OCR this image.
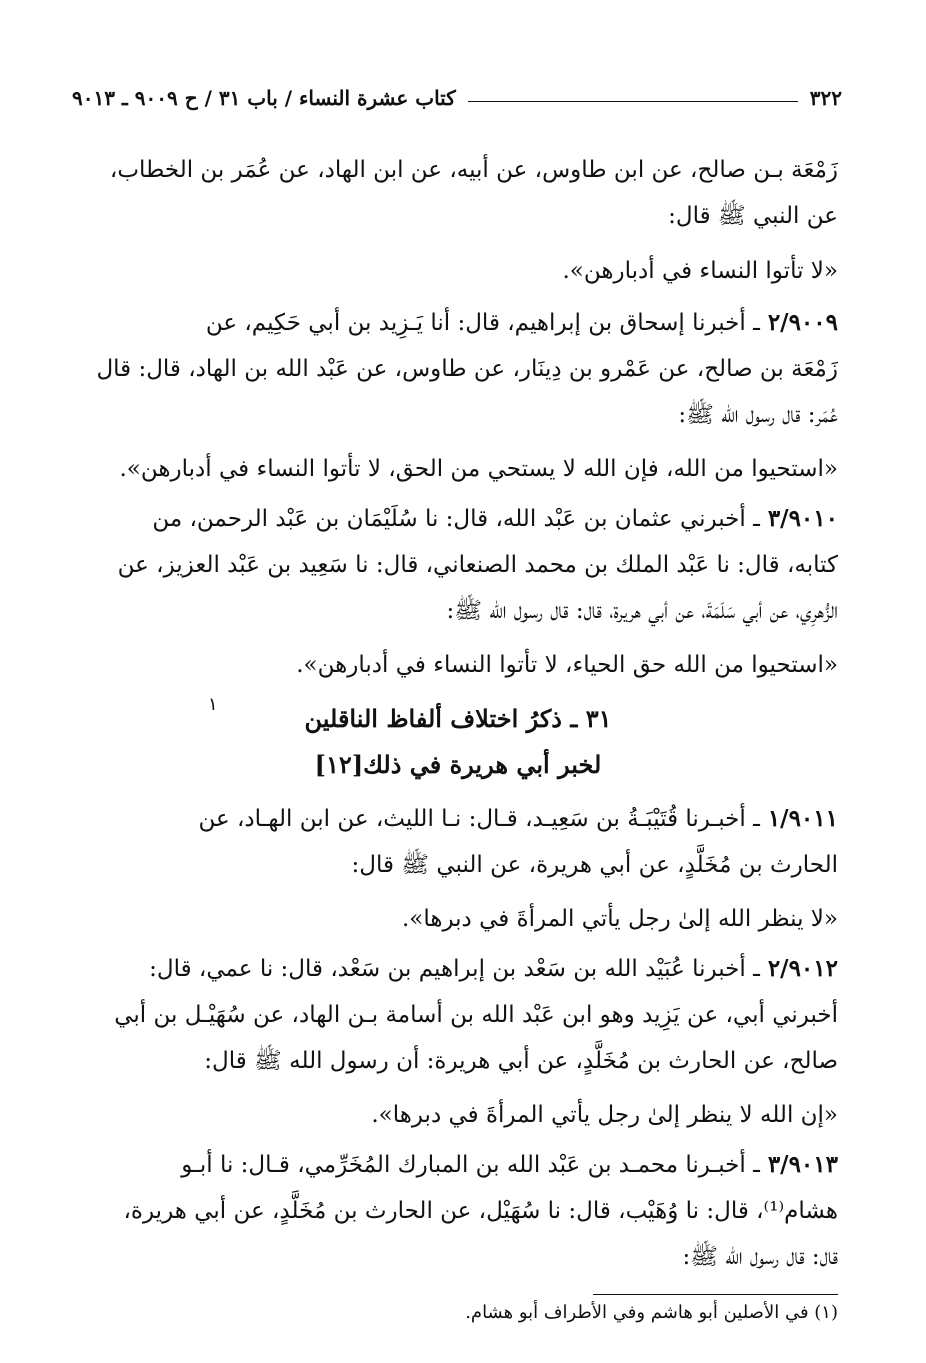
٣٢٢
كتاب عشرة النساء / باب ٣١ / ح ٩٠٠٩ ـ ٩٠١٣
زَمْعَة بـن صالح، عن ابن طاوس، عن أبيه، عن ابن الهاد، عن عُمَر بن الخطاب،
عن النبي ﷺ قال:
«لا تأتوا النساء في أدبارهن».
٢/٩٠٠٩
ـ أخبرنا إسحاق بن إبراهيم، قال: أنا يَـزِيد بن أبي حَكِيم، عن
زَمْعَة بن صالح، عن عَمْرو بن دِينَار، عن طاوس، عن عَبْد الله بن الهاد، قال: قال
عُمَر: قال رسول الله ﷺ:
«استحيوا من الله، فإن الله لا يستحي من الحق، لا تأتوا النساء في أدبارهن».
٣/٩٠١٠
ـ أخبرني عثمان بن عَبْد الله، قال: نا سُلَيْمَان بن عَبْد الرحمن، من
كتابه، قال: نا عَبْد الملك بن محمد الصنعاني، قال: نا سَعِيد بن عَبْد العزيز، عن
الزُّهرِي، عن أبي سَلَمَةَ، عن أبي هريرة، قال: قال رسول الله ﷺ:
«استحيوا من الله حق الحياء، لا تأتوا النساء في أدبارهن».
٣١ ـ ذكرُ اختلاف ألفاظ الناقلين
لخبر أبي هريرة في ذلك[١٢]
١
١/٩٠١١
ـ أخبـرنا قُتَيْبَـةُ بن سَعِيـد، قـال: نـا الليث، عن ابن الهـاد، عن
الحارث بن مُخَلَّدٍ، عن أبي هريرة، عن النبي ﷺ قال:
«لا ينظر الله إلىٰ رجل يأتي المرأةَ في دبرها».
٢/٩٠١٢
ـ أخبرنا عُبَيْد الله بن سَعْد بن إبراهيم بن سَعْد، قال: نا عمي، قال:
أخبرني أبي، عن يَزِيد وهو ابن عَبْد الله بن أسامة بـن الهاد، عن سُهَيْـل بن أبي
صالح، عن الحارث بن مُخَلَّدٍ، عن أبي هريرة: أن رسول الله ﷺ قال:
«إن الله لا ينظر إلىٰ رجل يأتي المرأةَ في دبرها».
٣/٩٠١٣
ـ أخبـرنا محمـد بن عَبْد الله بن المبارك المُخَرِّمي، قـال: نا أبـو
هشام⁽¹⁾، قال: نا وُهَيْب، قال: نا سُهَيْل، عن الحارث بن مُخَلَّدٍ، عن أبي هريرة،
قال: قال رسول الله ﷺ:
(١) في الأصلين أبو هاشم وفي الأطراف أبو هشام.
